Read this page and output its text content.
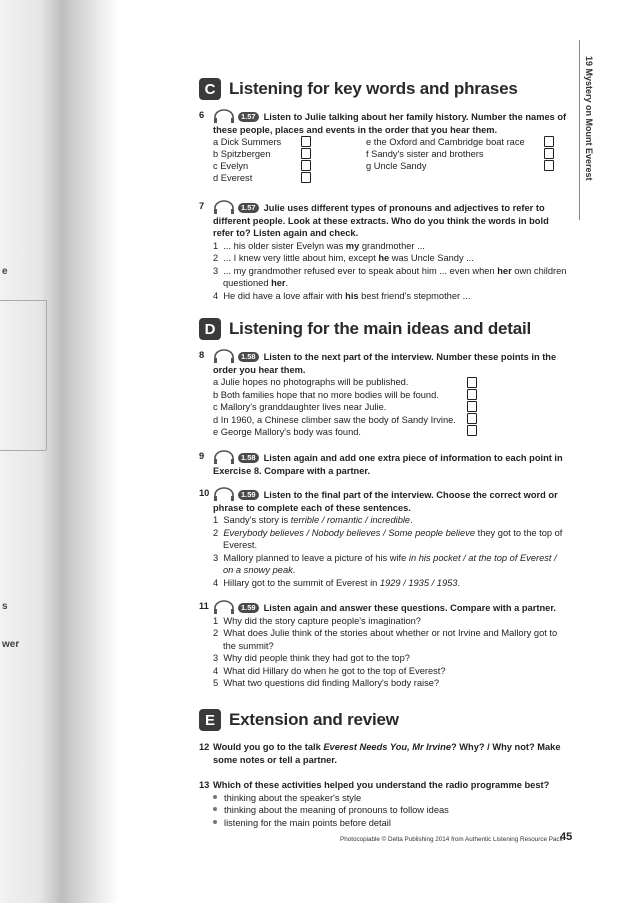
e
s
wer
19 Mystery on Mount Everest
C Listening for key words and phrases
6	1.57 Listen to Julie talking about her family history. Number the names of these people, places and events in the order that you hear them.
a Dick Summers
b Spitzbergen
c Evelyn
d Everest
e the Oxford and Cambridge boat race
f Sandy's sister and brothers
g Uncle Sandy
7	1.57 Julie uses different types of pronouns and adjectives to refer to different people. Look at these extracts. Who do you think the words in bold refer to? Listen again and check.
1 ... his older sister Evelyn was my grandmother ...
2 ... I knew very little about him, except he was Uncle Sandy ...
3 ... my grandmother refused ever to speak about him ... even when her own children
questioned her.
4 He did have a love affair with his best friend's stepmother ...
D Listening for the main ideas and detail
8	1.58 Listen to the next part of the interview. Number these points in the order you hear them.
a Julie hopes no photographs will be published.
b Both families hope that no more bodies will be found.
c Mallory's granddaughter lives near Julie.
d In 1960, a Chinese climber saw the body of Sandy Irvine.
e George Mallory's body was found.
9	1.58 Listen again and add one extra piece of information to each point in Exercise 8. Compare with a partner.
10	1.59 Listen to the final part of the interview. Choose the correct word or phrase to complete each of these sentences.
1 Sandy's story is terrible / romantic / incredible.
2 Everybody believes / Nobody believes / Some people believe they got to the top of
Everest.
3 Mallory planned to leave a picture of his wife in his pocket / at the top of Everest /
on a snowy peak.
4 Hillary got to the summit of Everest in 1929 / 1935 / 1953.
11	1.59 Listen again and answer these questions. Compare with a partner.
1 Why did the story capture people's imagination?
2 What does Julie think of the stories about whether or not Irvine and Mallory got to
the summit?
3 Why did people think they had got to the top?
4 What did Hillary do when he got to the top of Everest?
5 What two questions did finding Mallory's body raise?
E Extension and review
12 Would you go to the talk Everest Needs You, Mr Irvine? Why? / Why not? Make some notes or tell a partner.
13 Which of these activities helped you understand the radio programme best?
thinking about the speaker's style
thinking about the meaning of pronouns to follow ideas
listening for the main points before detail
Photocopiable © Delta Publishing 2014 from Authentic Listening Resource Pack
45
